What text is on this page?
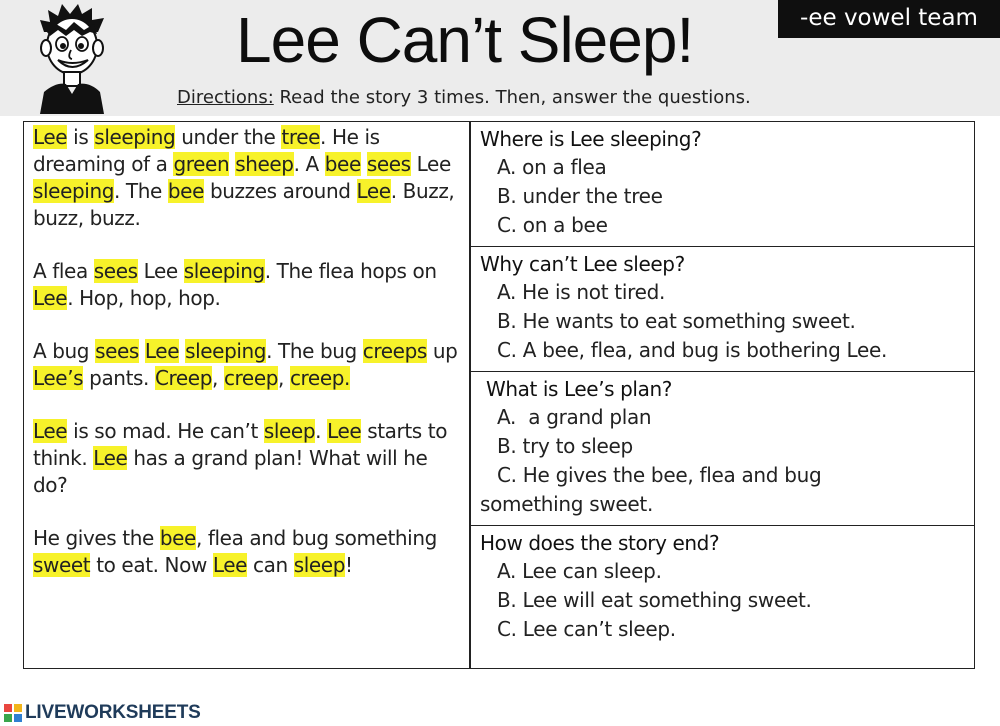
Lee Can’t Sleep!	-ee vowel team
Directions: Read the story 3 times. Then, answer the questions.

Lee is sleeping under the tree. He is dreaming of a green sheep. A bee sees Lee sleeping. The bee buzzes around Lee. Buzz, buzz, buzz.

A flea sees Lee sleeping. The flea hops on Lee. Hop, hop, hop.

A bug sees Lee sleeping. The bug creeps up Lee’s pants. Creep, creep, creep.

Lee is so mad. He can’t sleep. Lee starts to think. Lee has a grand plan! What will he do?

He gives the bee, flea and bug something sweet to eat. Now Lee can sleep!

Where is Lee sleeping?
A. on a flea
B. under the tree
C. on a bee
Why can’t Lee sleep?
A. He is not tired.
B. He wants to eat something sweet.
C. A bee, flea, and bug is bothering Lee.
What is Lee’s plan?
A.  a grand plan
B. try to sleep
C. He gives the bee, flea and bug
something sweet.
How does the story end?
A. Lee can sleep.
B. Lee will eat something sweet.
C. Lee can’t sleep.
LIVEWORKSHEETS
